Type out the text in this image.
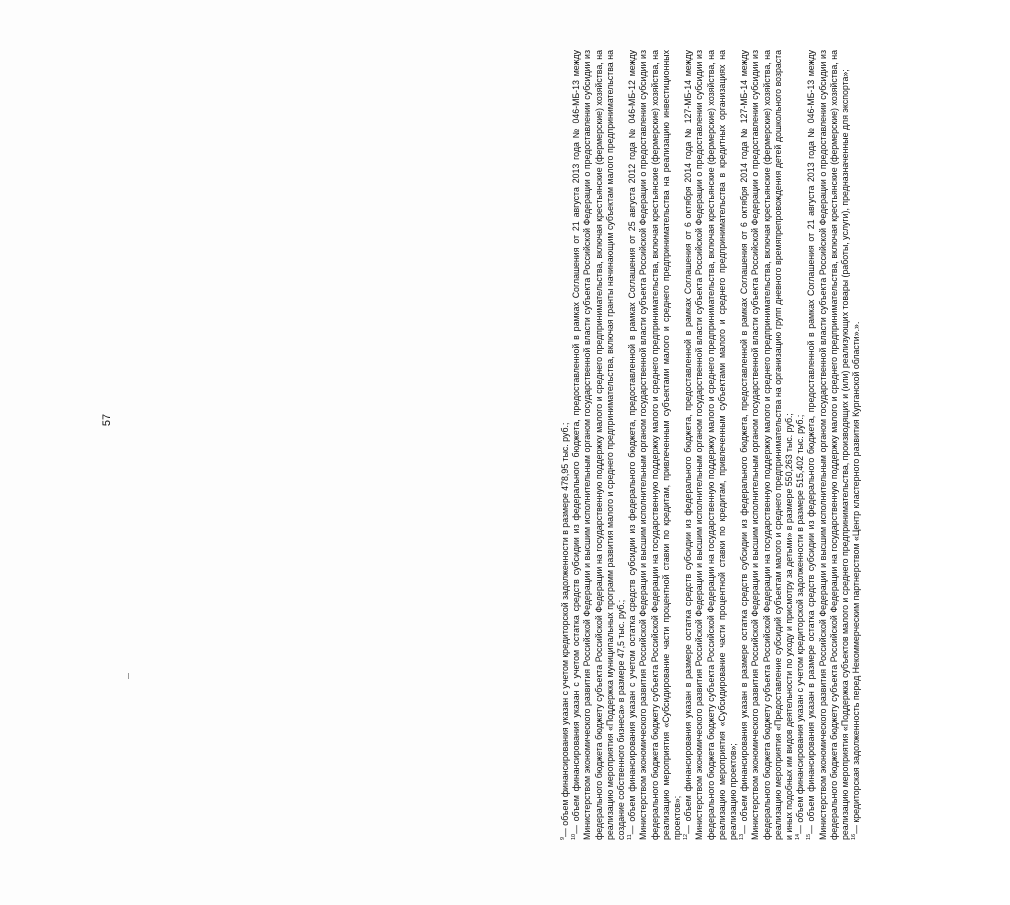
57

$^9$— объем финансирования указан с учетом кредиторской задолженности в размере 478,95 тыс. руб.; $^{10}$— объем финансирования указан с учетом остатка средств субсидии из федерального бюджета, предоставленной в рамках Соглашения от 21 августа 2013 года № 046-МБ-13 между Министерством экономического развития Российской Федерации и высшим исполнительным органом государственной власти субъекта Российской Федерации о предоставлении субсидии из федерального бюджета бюджету субъекта Российской Федерации на государственную поддержку малого и среднего предпринимательства, включая крестьянские (фермерские) хозяйства, на реализацию мероприятия «Поддержка муниципальных программ развития малого и среднего предпринимательства, включая гранты начинающим субъектам малого предпринимательства на создание собственного бизнеса» в размере 47,5 тыс. руб.; $^{11}$— объем финансирования указан с учетом остатка средств субсидии из федерального бюджета, предоставленной в рамках Соглашения от 25 августа 2012 года № 046-МБ-12 между Министерством экономического развития Российской Федерации и высшим исполнительным органом государственной власти субъекта Российской Федерации о предоставлении субсидии из федерального бюджета бюджету субъекта Российской Федерации на государственную поддержку малого и среднего предпринимательства, включая крестьянские (фермерские) хозяйства, на реализацию мероприятия «Субсидирование части процентной ставки по кредитам, привлеченным субъектами малого и среднего предпринимательства на реализацию инвестиционных проектов»; $^{12}$— объем финансирования указан в размере остатка средств субсидии из федерального бюджета, предоставленной в рамках Соглашения от 6 октября 2014 года № 127-МБ-14 между Министерством экономического развития Российской Федерации и высшим исполнительным органом государственной власти субъекта Российской Федерации о предоставлении субсидии из федерального бюджета бюджету субъекта Российской Федерации на государственную поддержку малого и среднего предпринимательства, включая крестьянские (фермерские) хозяйства, на реализацию мероприятия «Субсидирование части процентной ставки по кредитам, привлеченным субъектами малого и среднего предпринимательства в кредитных организациях на реализацию проектов»; $^{13}$— объем финансирования указан в размере остатка средств субсидии из федерального бюджета, предоставленной в рамках Соглашения от 6 октября 2014 года № 127-МБ-14 между Министерством экономического развития Российской Федерации и высшим исполнительным органом государственной власти субъекта Российской Федерации о предоставлении субсидии из федерального бюджета бюджету субъекта Российской Федерации на государственную поддержку малого и среднего предпринимательства, включая крестьянские (фермерские) хозяйства, на реализацию мероприятия «Предоставление субсидий субъектам малого и среднего предпринимательства на организацию групп дневного времяпрепровождения детей дошкольного возраста и иных подобных им видов деятельности по уходу и присмотру за детьми» в размере 550,263 тыс. руб.; $^{14}$— объем финансирования указан с учетом кредиторской задолженности в размере 515,402 тыс. руб.;

$^{15}$— объем финансирования указан в размере остатка средств субсидии из федерального бюджета, предоставленной в рамках Соглашения от 21 августа 2013 года № 046-МБ-13 между Министерством экономического развития Российской Федерации и высшим исполнительным органом государственной власти субъекта Российской Федерации о предоставлении субсидии из федерального бюджета бюджету субъекта Российской Федерации на государственную поддержку малого и среднего предпринимательства, включая крестьянские (фермерские) хозяйства, на реализацию мероприятия «Поддержка субъектов малого и среднего предпринимательства, производящих и (или) реализующих товары (работы, услуги), предназначенные для экспорта»; $^{16}$— кредиторская задолженность перед Некоммерческим партнерством «Центр кластерного развития Курганской области».».
